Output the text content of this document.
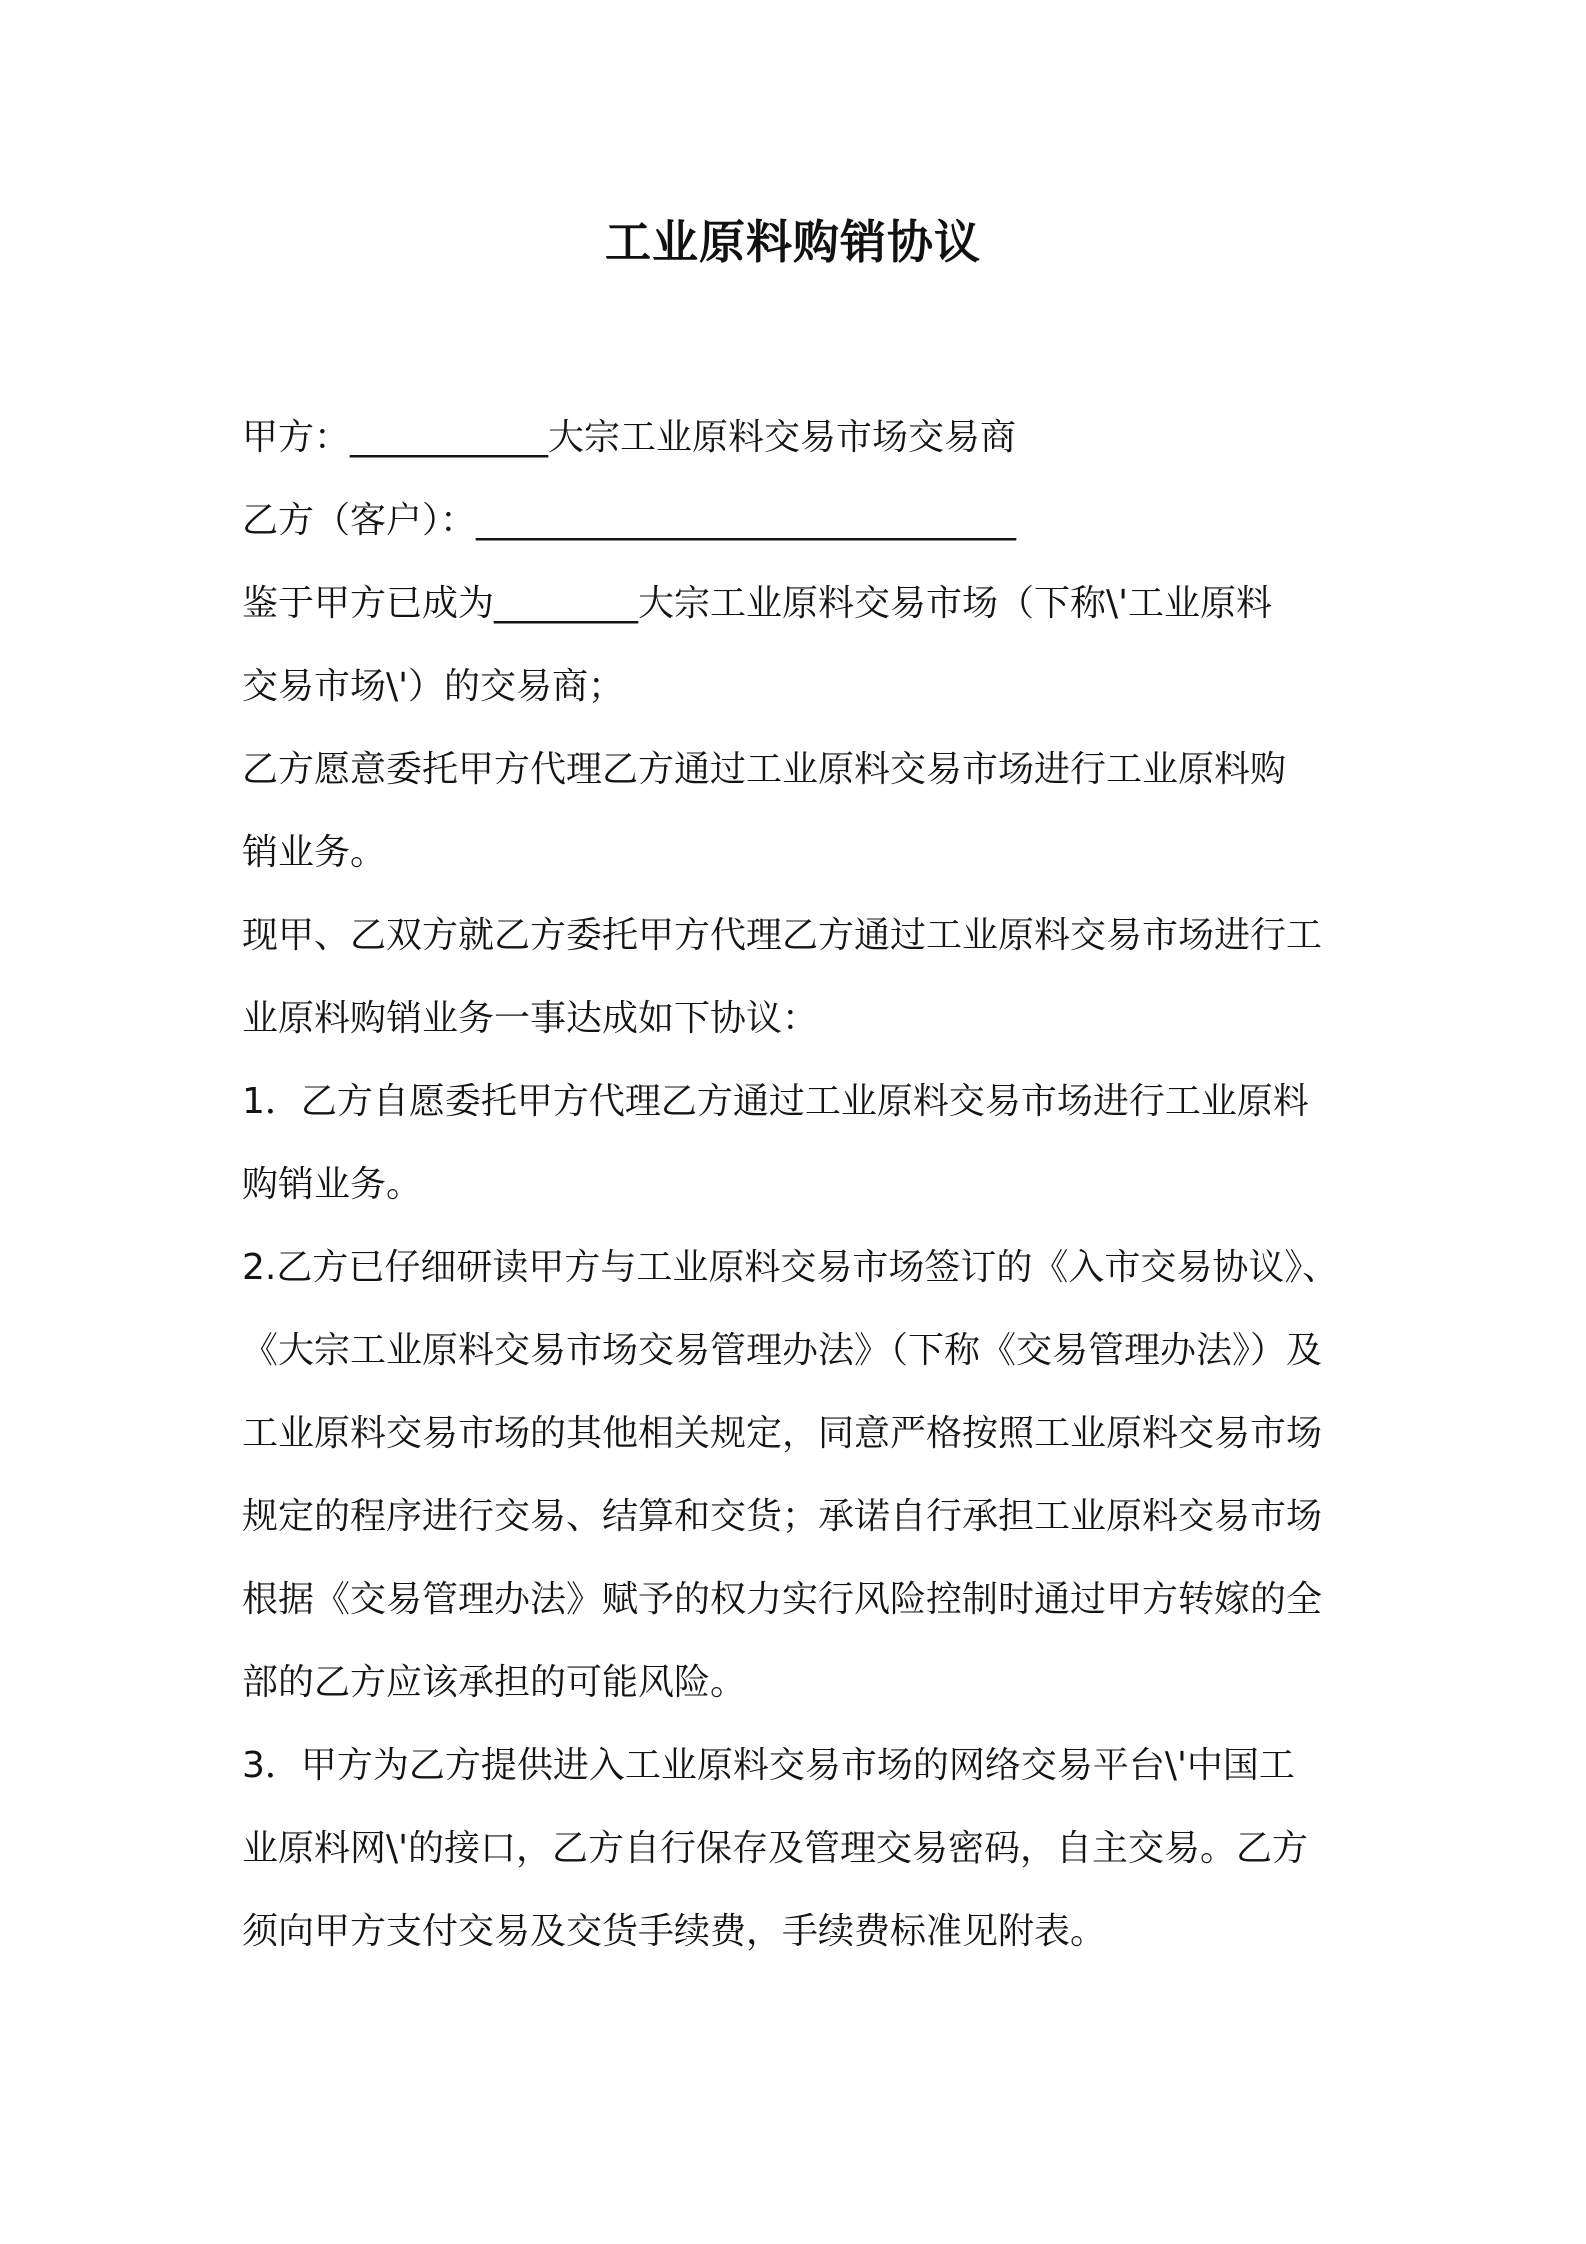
工业原料购销协议
甲方：___________大宗工业原料交易市场交易商
乙方（客户）：______________________________
鉴于甲方已成为________大宗工业原料交易市场（下称\'工业原料
交易市场\'）的交易商；
乙方愿意委托甲方代理乙方通过工业原料交易市场进行工业原料购
销业务。
现甲、乙双方就乙方委托甲方代理乙方通过工业原料交易市场进行工
业原料购销业务一事达成如下协议：
1．乙方自愿委托甲方代理乙方通过工业原料交易市场进行工业原料
购销业务。
2.乙方已仔细研读甲方与工业原料交易市场签订的《入市交易协议》、
《大宗工业原料交易市场交易管理办法》（下称《交易管理办法》）及
工业原料交易市场的其他相关规定，同意严格按照工业原料交易市场
规定的程序进行交易、结算和交货；承诺自行承担工业原料交易市场
根据《交易管理办法》赋予的权力实行风险控制时通过甲方转嫁的全
部的乙方应该承担的可能风险。
3．甲方为乙方提供进入工业原料交易市场的网络交易平台\'中国工
业原料网\'的接口，乙方自行保存及管理交易密码，自主交易。乙方
须向甲方支付交易及交货手续费，手续费标准见附表。
